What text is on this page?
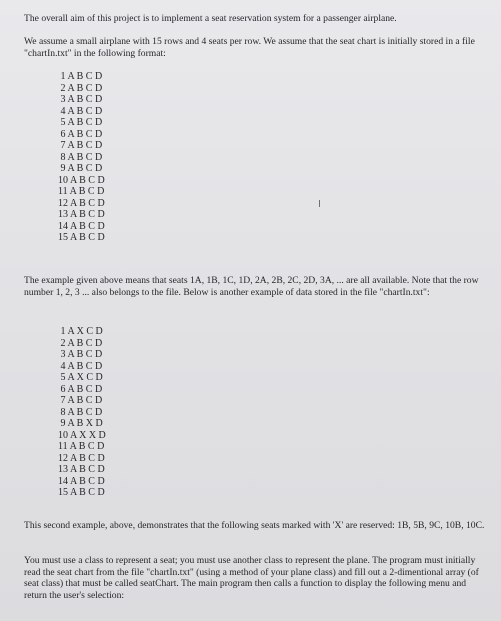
The overall aim of this project is to implement a seat reservation system for a passenger airplane.

We assume a small airplane with 15 rows and 4 seats per row. We assume that the seat chart is initially stored in a file "chartIn.txt" in the following format:

1 A B C D
2 A B C D
3 A B C D
4 A B C D
5 A B C D
6 A B C D
7 A B C D
8 A B C D
9 A B C D
10 A B C D
11 A B C D
12 A B C D
13 A B C D
14 A B C D
15 A B C D
I

The example given above means that seats 1A, 1B, 1C, 1D, 2A, 2B, 2C, 2D, 3A, ... are all available. Note that the row number 1, 2, 3 ... also belongs to the file. Below is another example of data stored in the file "chartIn.txt":

1 A X C D
2 A B C D
3 A B C D
4 A B C D
5 A X C D
6 A B C D
7 A B C D
8 A B C D
9 A B X D
10 A X X D
11 A B C D
12 A B C D
13 A B C D
14 A B C D
15 A B C D

This second example, above, demonstrates that the following seats marked with 'X' are reserved: 1B, 5B, 9C, 10B, 10C.

You must use a class to represent a seat; you must use another class to represent the plane. The program must initially read the seat chart from the file "chartIn.txt" (using a method of your plane class) and fill out a 2-dimentional array (of seat class) that must be called seatChart. The main program then calls a function to display the following menu and return the user's selection:
